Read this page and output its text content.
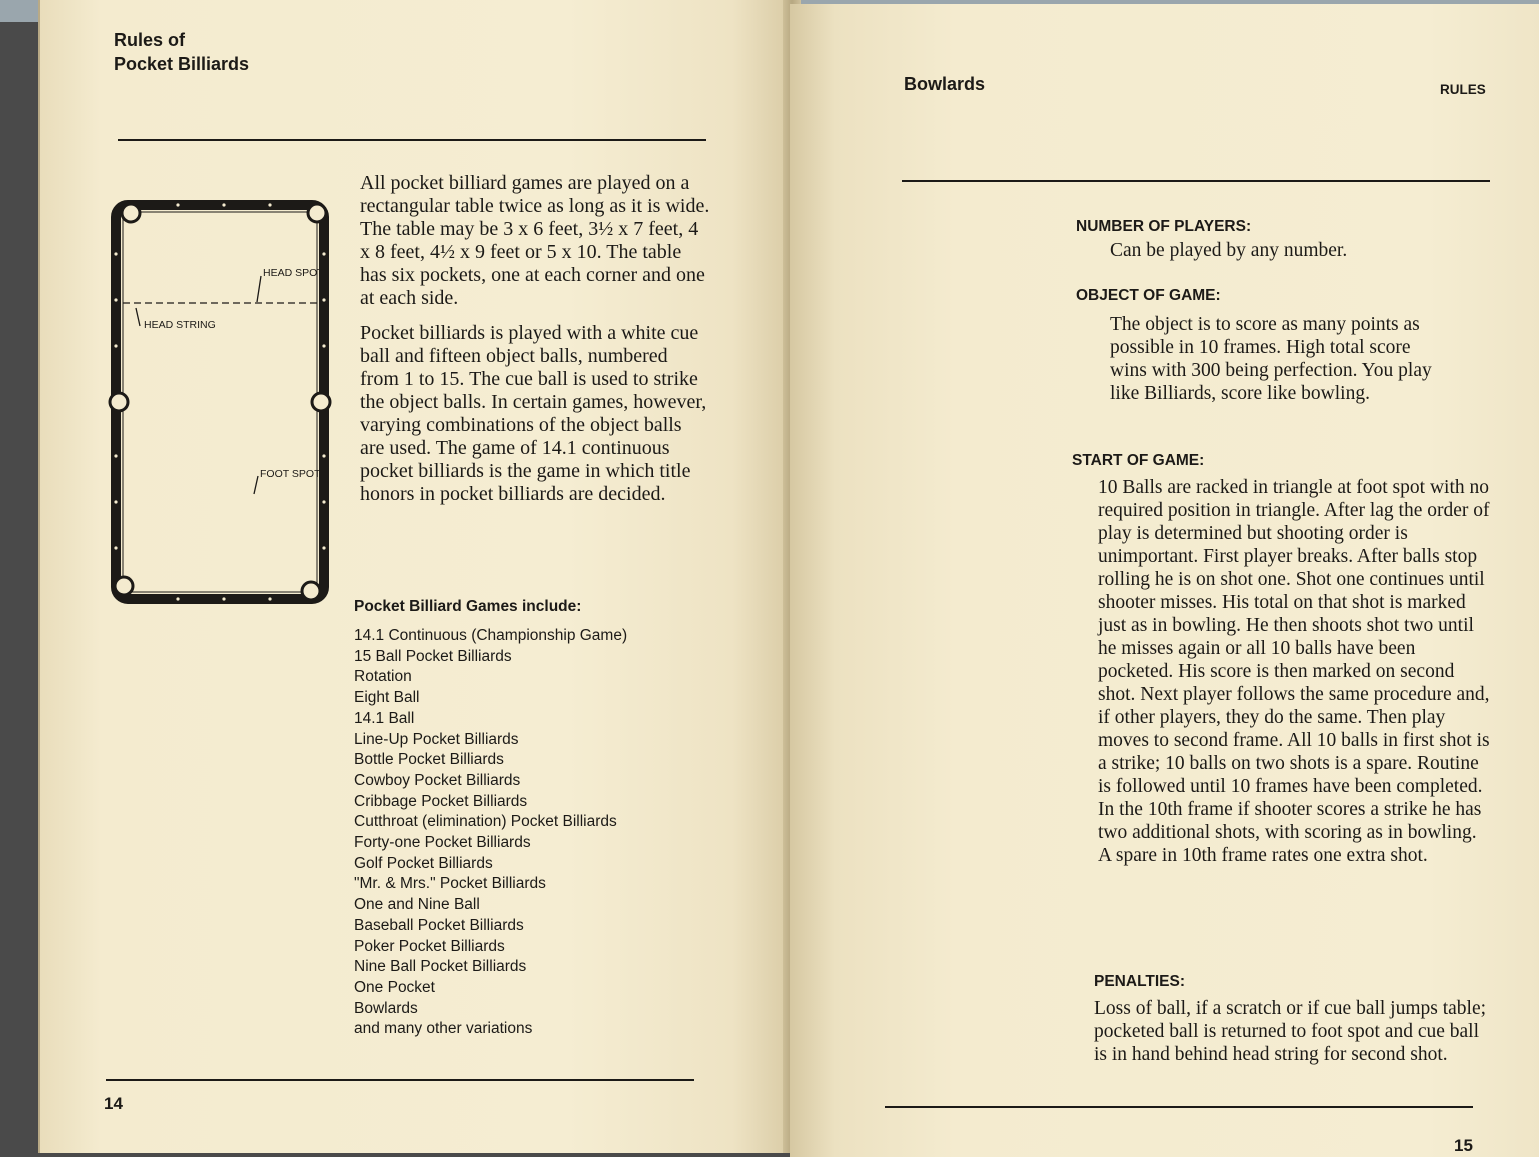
Rules of
Pocket Billiards
HEAD SPOT
HEAD STRING
FOOT SPOT

All pocket billiard games are played on a rectangular table twice as long as it is wide. The table may be 3 x 6 feet, 3½ x 7 feet, 4 x 8 feet, 4½ x 9 feet or 5 x 10. The table has six pockets, one at each corner and one at each side.

Pocket billiards is played with a white cue ball and fifteen object balls, numbered from 1 to 15. The cue ball is used to strike the object balls. In certain games, however, varying combinations of the object balls are used. The game of 14.1 continuous pocket billiards is the game in which title honors in pocket billiards are decided.

Pocket Billiard Games include:
14.1 Continuous (Championship Game)
15 Ball Pocket Billiards
Rotation
Eight Ball
14.1 Ball
Line-Up Pocket Billiards
Bottle Pocket Billiards
Cowboy Pocket Billiards
Cribbage Pocket Billiards
Cutthroat (elimination) Pocket Billiards
Forty-one Pocket Billiards
Golf Pocket Billiards
"Mr. & Mrs." Pocket Billiards
One and Nine Ball
Baseball Pocket Billiards
Poker Pocket Billiards
Nine Ball Pocket Billiards
One Pocket
Bowlards
and many other variations
14
Bowlards	RULES

NUMBER OF PLAYERS:

Can be played by any number.

OBJECT OF GAME:

The object is to score as many points as possible in 10 frames. High total score wins with 300 being perfection. You play like Billiards, score like bowling.

START OF GAME:

10 Balls are racked in triangle at foot spot with no required position in triangle. After lag the order of play is determined but shooting order is unimportant. First player breaks. After balls stop rolling he is on shot one. Shot one continues until shooter misses. His total on that shot is marked just as in bowling. He then shoots shot two until he misses again or all 10 balls have been pocketed. His score is then marked on second shot. Next player follows the same procedure and, if other players, they do the same. Then play moves to second frame. All 10 balls in first shot is a strike; 10 balls on two shots is a spare. Routine is followed until 10 frames have been completed. In the 10th frame if shooter scores a strike he has two additional shots, with scoring as in bowling. A spare in 10th frame rates one extra shot.

PENALTIES:

Loss of ball, if a scratch or if cue ball jumps table; pocketed ball is returned to foot spot and cue ball is in hand behind head string for second shot.

15
